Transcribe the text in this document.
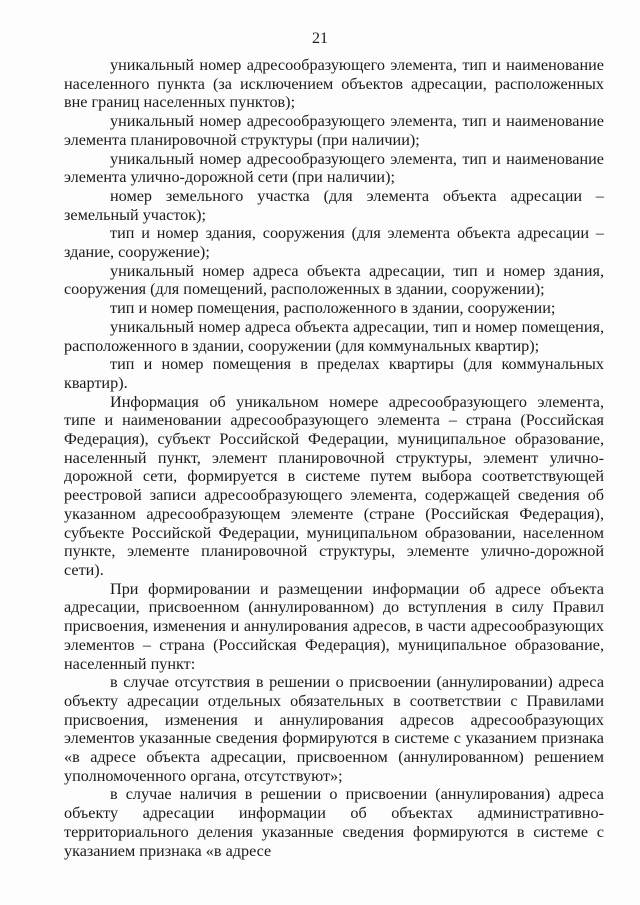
21

уникальный номер адресообразующего элемента, тип и наименование населенного пункта (за исключением объектов адресации, расположенных вне границ населенных пунктов);

уникальный номер адресообразующего элемента, тип и наименование элемента планировочной структуры (при наличии);

уникальный номер адресообразующего элемента, тип и наименование элемента улично-дорожной сети (при наличии);

номер земельного участка (для элемента объекта адресации – земельный участок);

тип и номер здания, сооружения (для элемента объекта адресации – здание, сооружение);

уникальный номер адреса объекта адресации, тип и номер здания, сооружения (для помещений, расположенных в здании, сооружении);

тип и номер помещения, расположенного в здании, сооружении;

уникальный номер адреса объекта адресации, тип и номер помещения, расположенного в здании, сооружении (для коммунальных квартир);

тип и номер помещения в пределах квартиры (для коммунальных квартир).

Информация об уникальном номере адресообразующего элемента, типе и наименовании адресообразующего элемента – страна (Российская Федерация), субъект Российской Федерации, муниципальное образование, населенный пункт, элемент планировочной структуры, элемент улично-дорожной сети, формируется в системе путем выбора соответствующей реестровой записи адресообразующего элемента, содержащей сведения об указанном адресообразующем элементе (стране (Российская Федерация), субъекте Российской Федерации, муниципальном образовании, населенном пункте, элементе планировочной структуры, элементе улично-дорожной сети).

При формировании и размещении информации об адресе объекта адресации, присвоенном (аннулированном) до вступления в силу Правил присвоения, изменения и аннулирования адресов, в части адресообразующих элементов – страна (Российская Федерация), муниципальное образование, населенный пункт:

в случае отсутствия в решении о присвоении (аннулировании) адреса объекту адресации отдельных обязательных в соответствии с Правилами присвоения, изменения и аннулирования адресов адресообразующих элементов указанные сведения формируются в системе с указанием признака «в адресе объекта адресации, присвоенном (аннулированном) решением уполномоченного органа, отсутствуют»;

в случае наличия в решении о присвоении (аннулирования) адреса объекту адресации информации об объектах административно-территориального деления указанные сведения формируются в системе с указанием признака «в адресе
